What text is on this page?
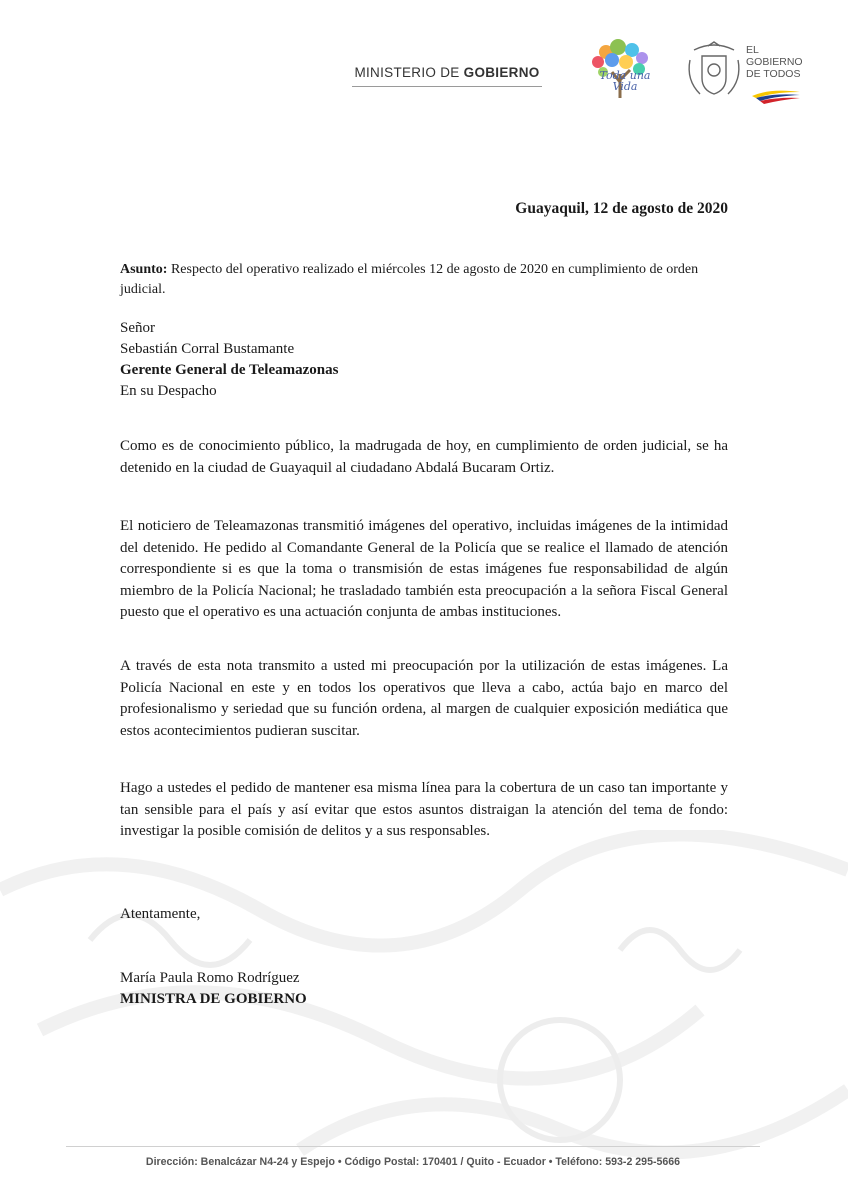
MINISTERIO DE GOBIERNO	Toda una Vida
EL
GOBIERNO
DE TODOS
Guayaquil, 12 de agosto de 2020
Asunto: Respecto del operativo realizado el miércoles 12 de agosto de 2020 en cumplimiento de orden judicial.
Señor
Sebastián Corral Bustamante
Gerente General de Teleamazonas
En su Despacho
Como es de conocimiento público, la madrugada de hoy, en cumplimiento de orden judicial, se ha detenido en la ciudad de Guayaquil al ciudadano Abdalá Bucaram Ortiz.
El noticiero de Teleamazonas transmitió imágenes del operativo, incluidas imágenes de la intimidad del detenido. He pedido al Comandante General de la Policía que se realice el llamado de atención correspondiente si es que la toma o transmisión de estas imágenes fue responsabilidad de algún miembro de la Policía Nacional; he trasladado también esta preocupación a la señora Fiscal General puesto que el operativo es una actuación conjunta de ambas instituciones.
A través de esta nota transmito a usted mi preocupación por la utilización de estas imágenes. La Policía Nacional en este y en todos los operativos que lleva a cabo, actúa bajo en marco del profesionalismo y seriedad que su función ordena, al margen de cualquier exposición mediática que estos acontecimientos pudieran suscitar.
Hago a ustedes el pedido de mantener esa misma línea para la cobertura de un caso tan importante y tan sensible para el país y así evitar que estos asuntos distraigan la atención del tema de fondo: investigar la posible comisión de delitos y a sus responsables.
Atentamente,
María Paula Romo Rodríguez
MINISTRA DE GOBIERNO
Dirección: Benalcázar N4-24 y Espejo • Código Postal: 170401 / Quito - Ecuador • Teléfono: 593-2 295-5666
